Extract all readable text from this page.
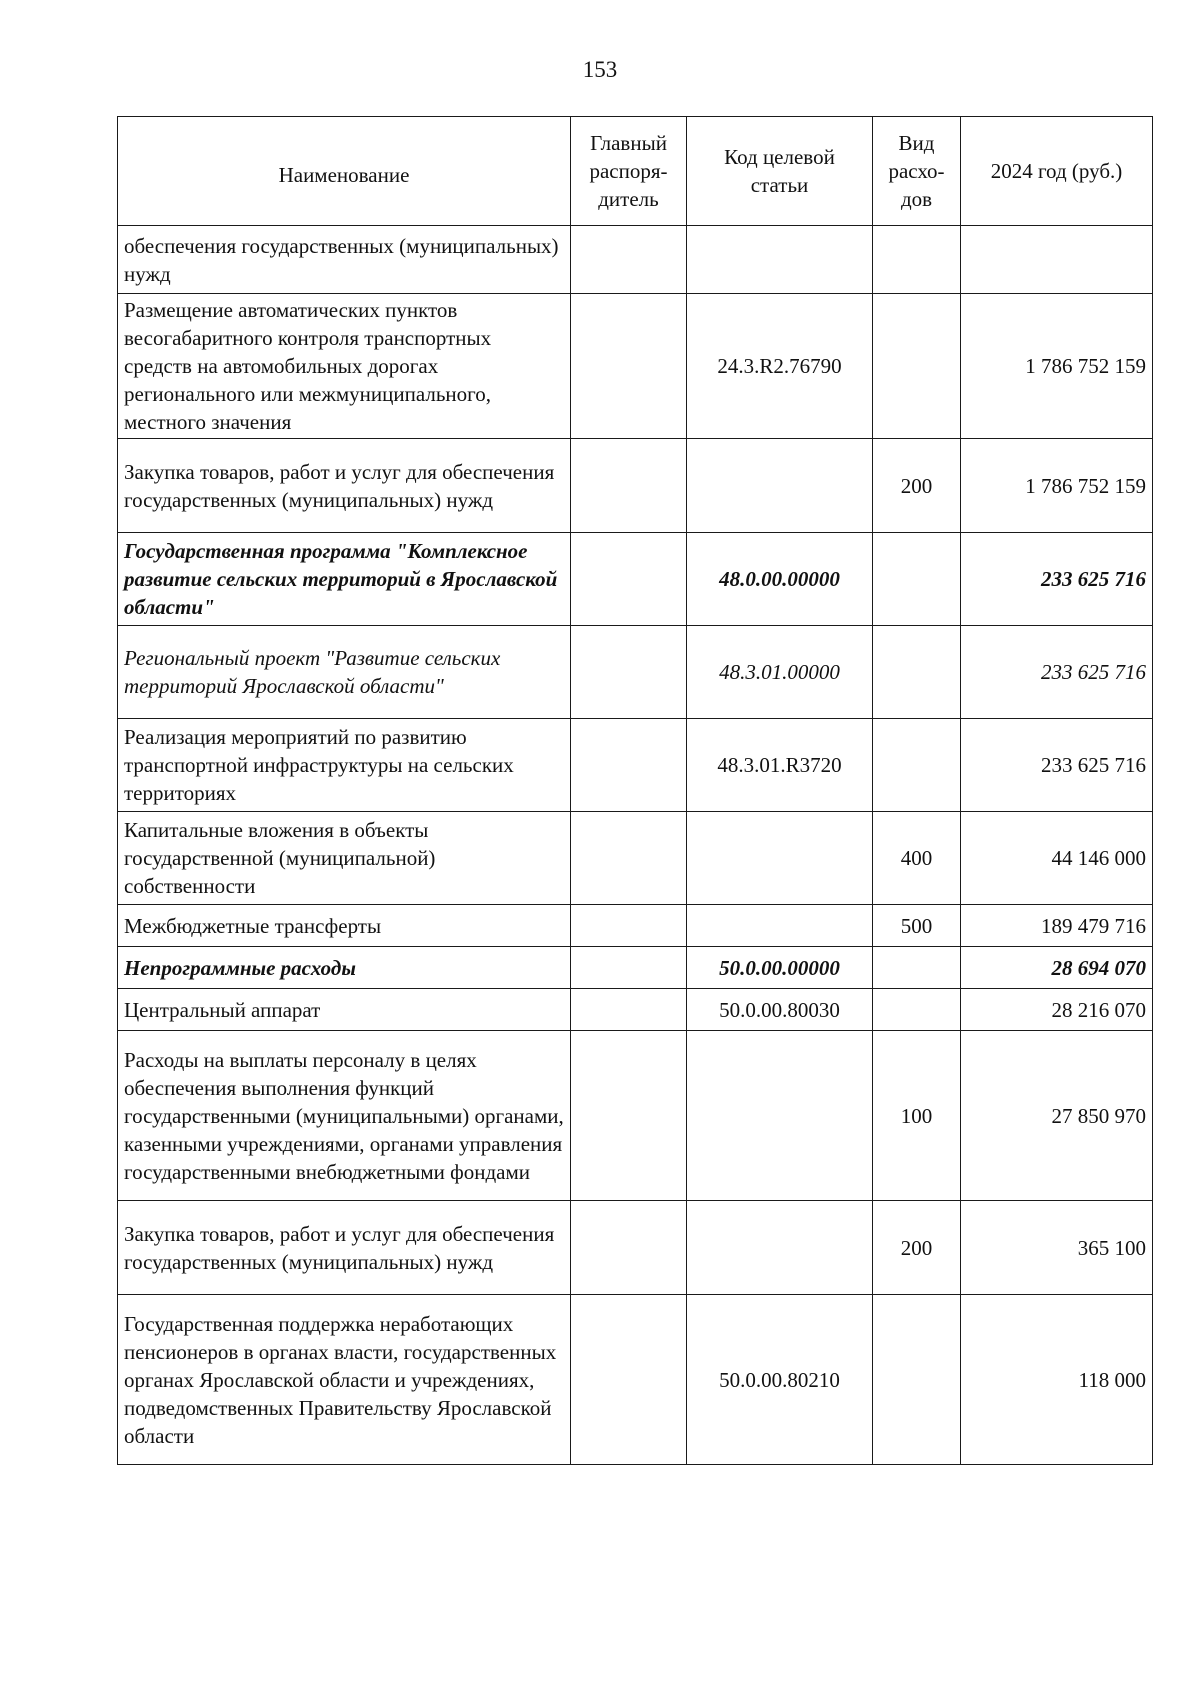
153
Наименование	Главный распоря-дитель	Код целевой статьи	Вид расхо-дов	2024 год (руб.)
обеспечения государственных (муниципальных) нужд				
Размещение автоматических пунктов весогабаритного контроля транспортных средств на автомобильных дорогах регионального или межмуниципального, местного значения		24.3.R2.76790		1 786 752 159
Закупка товаров, работ и услуг для обеспечения государственных (муниципальных) нужд			200	1 786 752 159
Государственная программа "Комплексное развитие сельских территорий в Ярославской области"		48.0.00.00000		233 625 716
Региональный проект "Развитие сельских территорий Ярославской области"		48.3.01.00000		233 625 716
Реализация мероприятий по развитию транспортной инфраструктуры на сельских территориях		48.3.01.R3720		233 625 716
Капитальные вложения в объекты государственной (муниципальной) собственности			400	44 146 000
Межбюджетные трансферты			500	189 479 716
Непрограммные расходы		50.0.00.00000		28 694 070
Центральный аппарат		50.0.00.80030		28 216 070
Расходы на выплаты персоналу в целях обеспечения выполнения функций государственными (муниципальными) органами, казенными учреждениями, органами управления государственными внебюджетными фондами			100	27 850 970
Закупка товаров, работ и услуг для обеспечения государственных (муниципальных) нужд			200	365 100
Государственная поддержка неработающих пенсионеров в органах власти, государственных органах Ярославской области и учреждениях, подведомственных Правительству Ярославской области		50.0.00.80210		118 000
